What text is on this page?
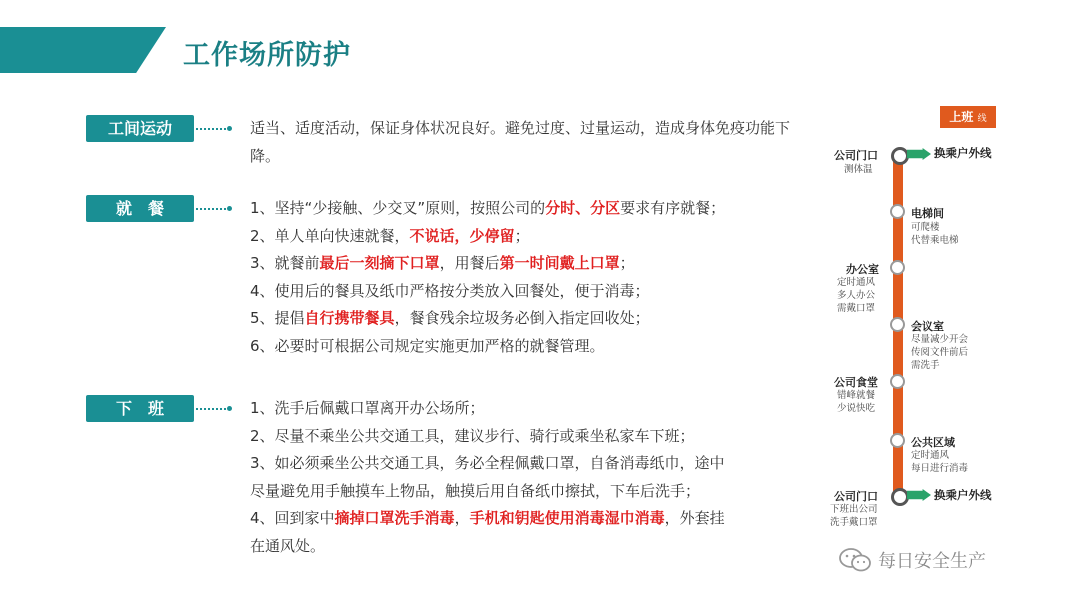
工作场所防护
工间运动	适当、适度活动，保证身体状况良好。避免过度、过量运动，造成身体免疫功能下
降。
就　餐	1、坚持“少接触、少交叉”原则，按照公司的分时、分区要求有序就餐；
2、单人单向快速就餐，不说话，少停留；
3、就餐前最后一刻摘下口罩，用餐后第一时间戴上口罩；
4、使用后的餐具及纸巾严格按分类放入回餐处，便于消毒；
5、提倡自行携带餐具，餐食残余垃圾务必倒入指定回收处；
6、必要时可根据公司规定实施更加严格的就餐管理。
下　班	1、洗手后佩戴口罩离开办公场所；
2、尽量不乘坐公共交通工具，建议步行、骑行或乘坐私家车下班；
3、如必须乘坐公共交通工具，务必全程佩戴口罩，自备消毒纸巾，途中
尽量避免用手触摸车上物品，触摸后用自备纸巾擦拭，下车后洗手；
4、回到家中摘掉口罩洗手消毒，手机和钥匙使用消毒湿巾消毒，外套挂
在通风处。
上班 线
公司门口
测体温
换乘户外线
电梯间
可爬楼
代替乘电梯
办公室
定时通风
多人办公
需戴口罩
会议室
尽量减少开会
传阅文件前后
需洗手
公司食堂
错峰就餐
少说快吃
公共区域
定时通风
每日进行消毒
公司门口
下班出公司
洗手戴口罩
换乘户外线
每日安全生产
